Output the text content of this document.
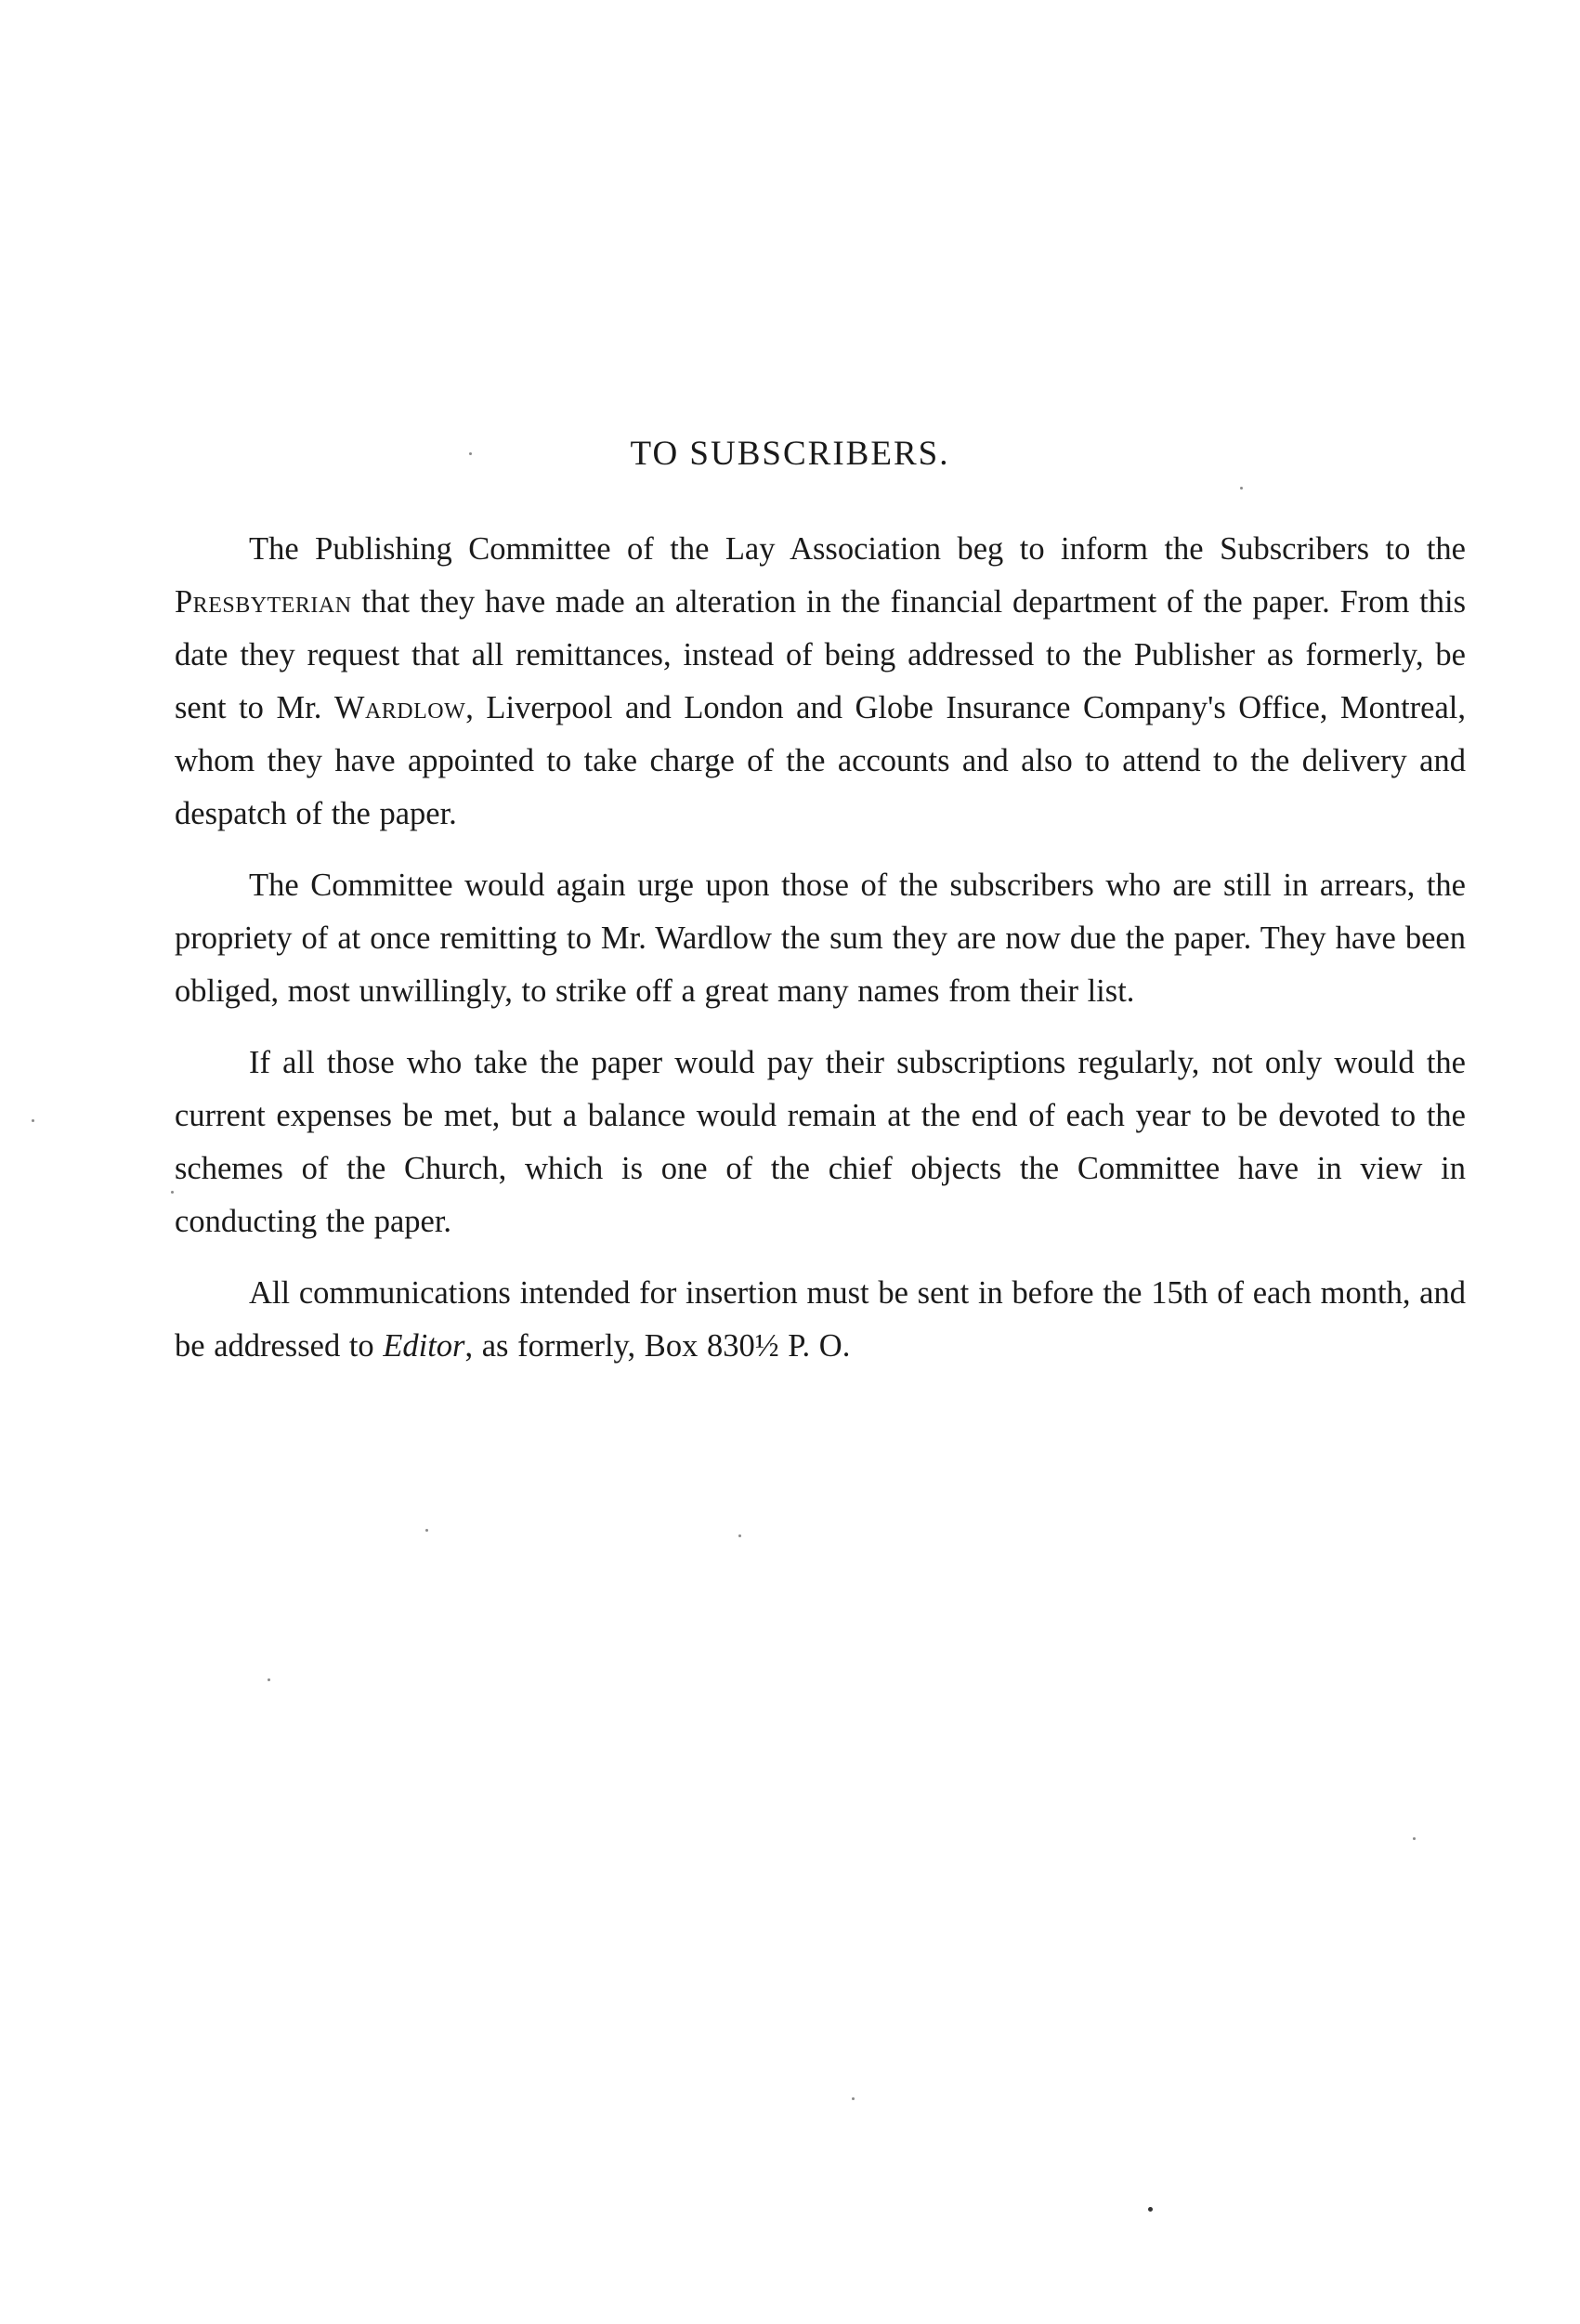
TO SUBSCRIBERS.

The Publishing Committee of the Lay Association beg to inform the Subscribers to the Presbyterian that they have made an alteration in the financial department of the paper. From this date they request that all remittances, instead of being addressed to the Publisher as formerly, be sent to Mr. Wardlow, Liverpool and London and Globe Insurance Company's Office, Montreal, whom they have appointed to take charge of the accounts and also to attend to the delivery and despatch of the paper.

The Committee would again urge upon those of the subscribers who are still in arrears, the propriety of at once remitting to Mr. Wardlow the sum they are now due the paper. They have been obliged, most unwillingly, to strike off a great many names from their list.

If all those who take the paper would pay their subscriptions regularly, not only would the current expenses be met, but a balance would remain at the end of each year to be devoted to the schemes of the Church, which is one of the chief objects the Committee have in view in conducting the paper.

All communications intended for insertion must be sent in before the 15th of each month, and be addressed to Editor, as formerly, Box 830½ P. O.
